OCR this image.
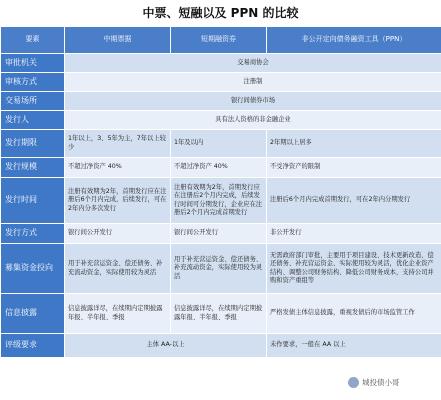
中票、短融以及 PPN 的比较
要素	中期票据	短期融资券	非公开定向债务融资工具（PPN）
审批机关	交易商协会		
审核方式	注册制		
交易场所	银行间债券市场		
发行人	具有法人资格的非金融企业		
发行期限	1年以上，3、5年为主，7年以上较少	1年及以内	2年期以上居多
发行规模	不超过净资产 40%	不超过净资产 40%	不受净资产的限制
发行时间	注册有效期为2年，首期发行应在注册后6个月内完成，后续发行，可在2年内分多次发行	注册有效期为2年，首期发行应在注册后2个月内完成，后续发行时间可分期发行，企业应在注册后2个月内完成首期发行	注册后6个月内完成首期发行，可在2年内分期发行
发行方式	银行间公开发行	银行间公开发行	非公开发行
募集资金投向	用于补充营运资金、偿还债务、补充流动资金，实际使用较为灵活	用于补充营运资金、偿还债务、补充流动资金，实际使用较为灵活	无需政府部门审批，主要用于项目建设、技术更新改造、偿还债务、补充营运资金、实际使用较为灵活，优化企业资产结构、调整公司财务结构、降低公司财务成本，支持公司并购和资产重组等
信息披露	信息披露详尽，在续期内定期披露年报、半年报、季报	信息披露详尽，在续期内定期披露年报、半年报、季报	严格发债主体信息披露，重视发债后的市场监管工作
评级要求	主体 AA-以上		未作要求，一般在 AA 以上
城投债小哥
